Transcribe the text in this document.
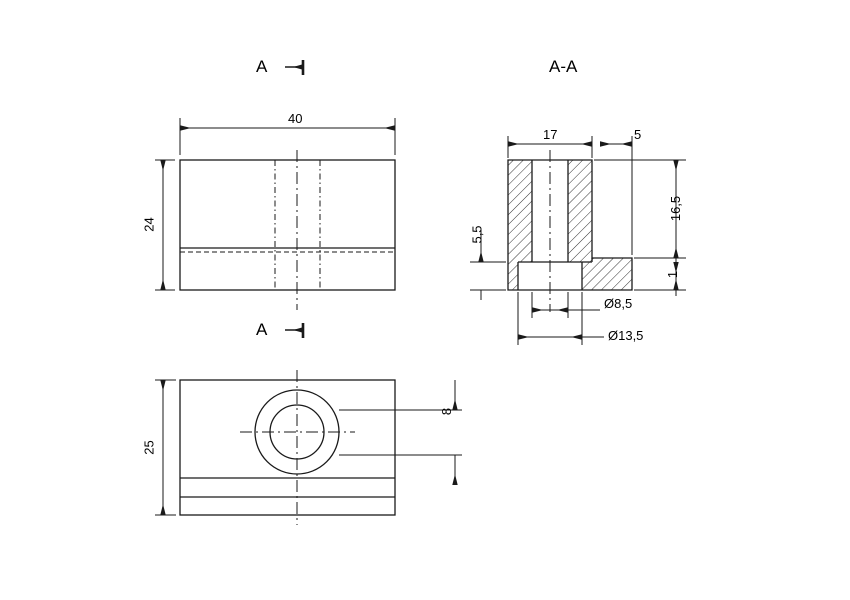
A
A
A-A
40
24
17	5
16,5
5,5
1
Ø8,5
Ø13,5
25
8
